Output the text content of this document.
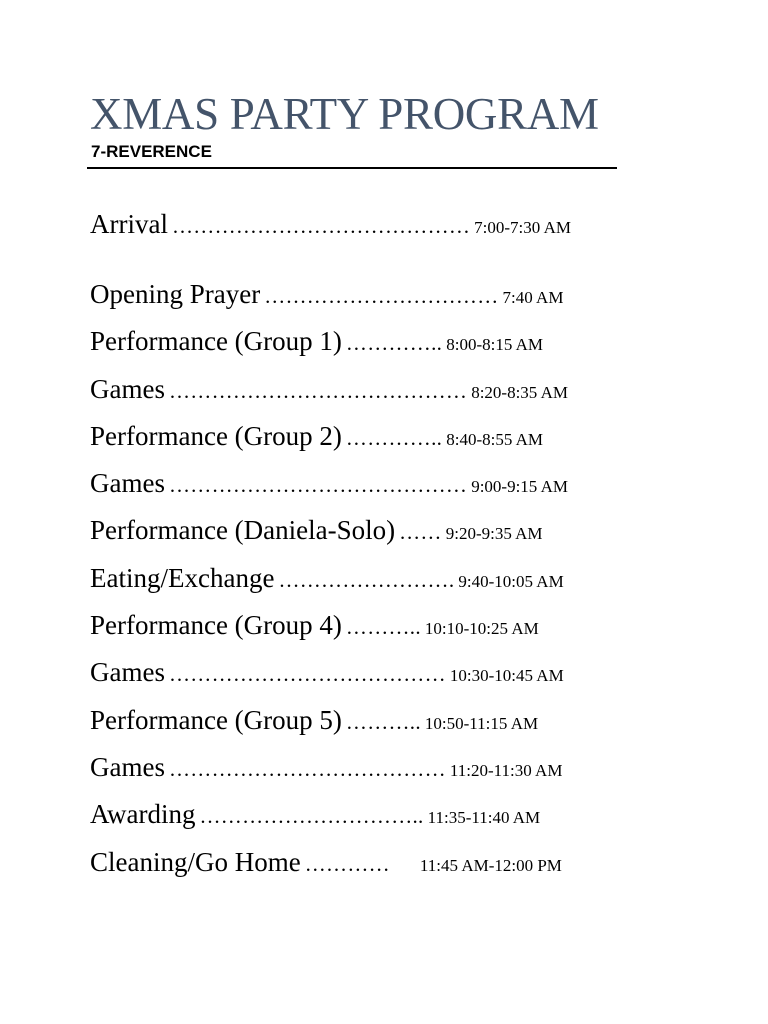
XMAS PARTY PROGRAM
7-REVERENCE
Arrival …………………………………… 7:00-7:30 AM
Opening Prayer …………………………… 7:40 AM
Performance (Group 1) ………….. 8:00-8:15 AM
Games …………………………………… 8:20-8:35 AM
Performance (Group 2) ………….. 8:40-8:55 AM
Games …………………………………… 9:00-9:15 AM
Performance (Daniela-Solo) …… 9:20-9:35 AM
Eating/Exchange ……………………. 9:40-10:05 AM
Performance (Group 4) ……….. 10:10-10:25 AM
Games ………………………………… 10:30-10:45 AM
Performance (Group 5) ……….. 10:50-11:15 AM
Games ………………………………… 11:20-11:30 AM
Awarding ………………………….. 11:35-11:40 AM
Cleaning/Go Home ………… 11:45 AM-12:00 PM
